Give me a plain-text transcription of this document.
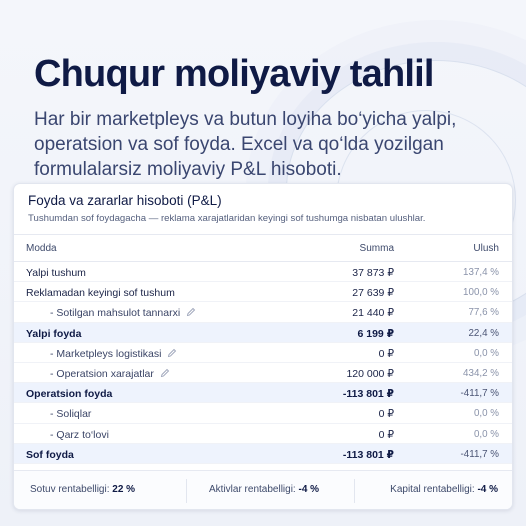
Chuqur moliyaviy tahlil
Har bir marketpleys va butun loyiha bo‘yicha yalpi, operatsion va sof foyda. Excel va qo‘lda yozilgan formulalarsiz moliyaviy P&L hisoboti.
Foyda va zararlar hisoboti (P&L)
Tushumdan sof foydagacha — reklama xarajatlaridan keyingi sof tushumga nisbatan ulushlar.
Modda	Summa	Ulush
Yalpi tushum	37 873 ₽	137,4 %
Reklamadan keyingi sof tushum	27 639 ₽	100,0 %
- Sotilgan mahsulot tannarxi	21 440 ₽	77,6 %
Yalpi foyda	6 199 ₽	22,4 %
- Marketpleys logistikasi	0 ₽	0,0 %
- Operatsion xarajatlar	120 000 ₽	434,2 %
Operatsion foyda	-113 801 ₽	-411,7 %
- Soliqlar	0 ₽	0,0 %
- Qarz to‘lovi	0 ₽	0,0 %
Sof foyda	-113 801 ₽	-411,7 %
Sotuv rentabelligi: 22 %	Aktivlar rentabelligi: -4 %	Kapital rentabelligi: -4 %
